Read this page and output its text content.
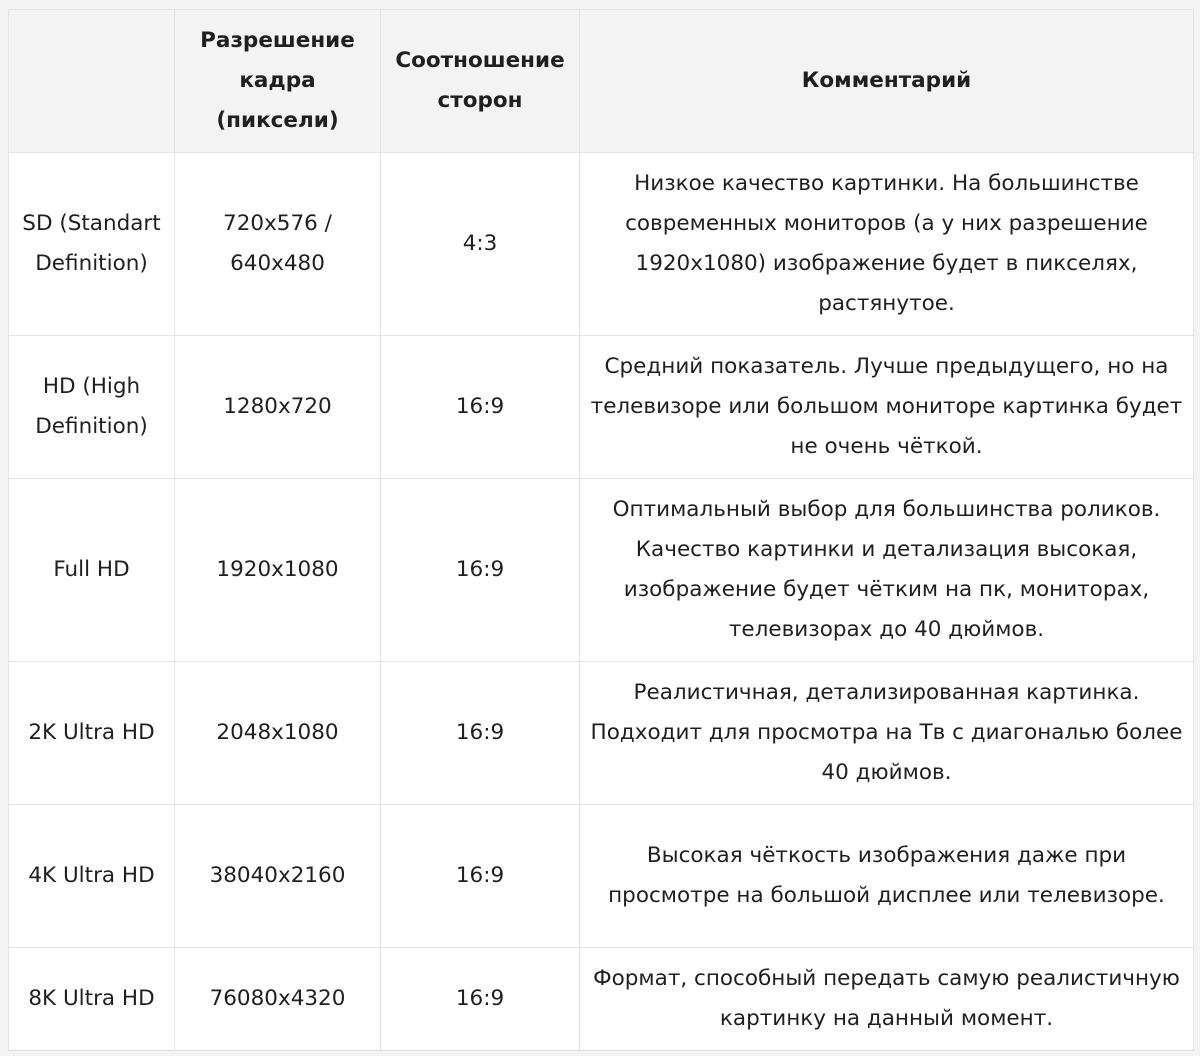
	Разрешение кадра (пиксели)	Соотношение сторон	Комментарий
SD (Standart Definition)	720x576 / 640x480	4:3	Низкое качество картинки. На большинстве современных мониторов (а у них разрешение 1920x1080) изображение будет в пикселях, растянутое.
HD (High Definition)	1280x720	16:9	Средний показатель. Лучше предыдущего, но на телевизоре или большом мониторе картинка будет не очень чёткой.
Full HD	1920x1080	16:9	Оптимальный выбор для большинства роликов. Качество картинки и детализация высокая, изображение будет чётким на пк, мониторах, телевизорах до 40 дюймов.
2K Ultra HD	2048x1080	16:9	Реалистичная, детализированная картинка. Подходит для просмотра на Тв с диагональю более 40 дюймов.
4K Ultra HD	38040x2160	16:9	Высокая чёткость изображения даже при просмотре на большой дисплее или телевизоре.
8K Ultra HD	76080x4320	16:9	Формат, способный передать самую реалистичную картинку на данный момент.
